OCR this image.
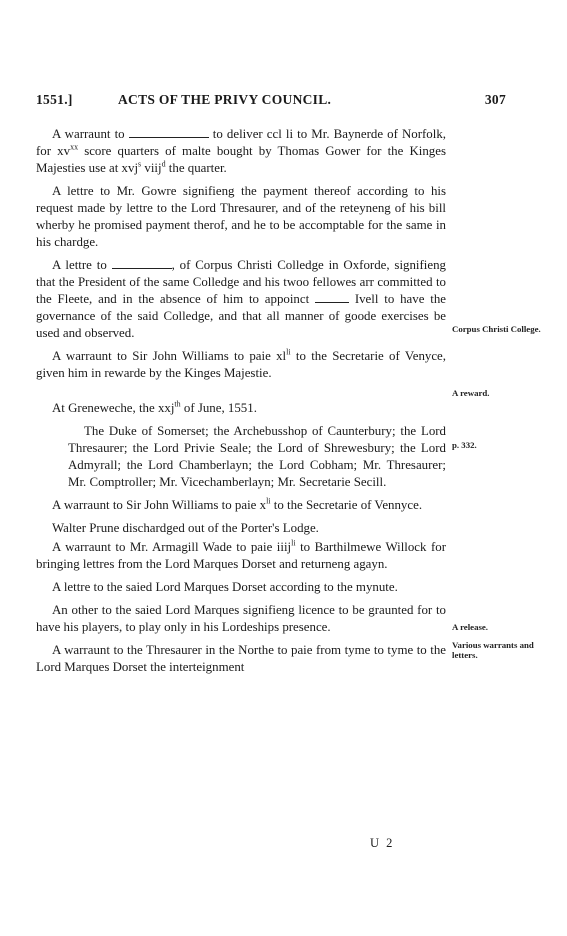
1551.]	ACTS OF THE PRIVY COUNCIL.	307

A warraunt to	to deliver ccl li to Mr. Baynerde of Norfolk, for $xv^{xx}$ score quarters of malte bought by Thomas Gower for the Kinges Majesties use at xvj$^s$ viij$^d$ the quarter.

A lettre to Mr. Gowre signifieng the payment thereof according to his request made by lettre to the Lord Thresaurer, and of the reteyneng of his bill wherby he promised payment therof, and he to be accomptable for the same in his chardge.

A lettre to	, of Corpus Christi Colledge in Oxforde, signifieng that the President of the same Colledge and his twoo fellowes arr committed to the Fleete, and in the absence of him to appoinct	Ivell to have the governance of the said Colledge, and that all manner of goode exercises be used and observed.

A warraunt to Sir John Williams to paie $xl^{li}$ to the Secretarie of Venyce, given him in rewarde by the Kinges Majestie.

At Greneweche, the xxj$^{th}$ of June, 1551.

The Duke of Somerset; the Archebusshop of Caunterbury; the Lord Thresaurer; the Lord Privie Seale; the Lord of Shrewesbury; the Lord Admyrall; the Lord Chamberlayn; the Lord Cobham; Mr. Thresaurer; Mr. Comptroller; Mr. Vicechamberlayn; Mr. Secretarie Secill.

A warraunt to Sir John Williams to paie $x^{li}$ to the Secretarie of Vennyce.

Walter Prune dischardged out of the Porter's Lodge.

A warraunt to Mr. Armagill Wade to paie iiij$^{li}$ to Barthilmewe Willock for bringing lettres from the Lord Marques Dorset and returneng agayn.

A lettre to the saied Lord Marques Dorset according to the mynute.

An other to the saied Lord Marques signifieng licence to be graunted for to have his players, to play only in his Lordeships presence.

A warraunt to the Thresaurer in the Northe to paie from tyme to tyme to the Lord Marques Dorset the interteignment

Corpus Christi College.
A reward.
p. 332.
A release.
Various warrants and letters.
U 2
